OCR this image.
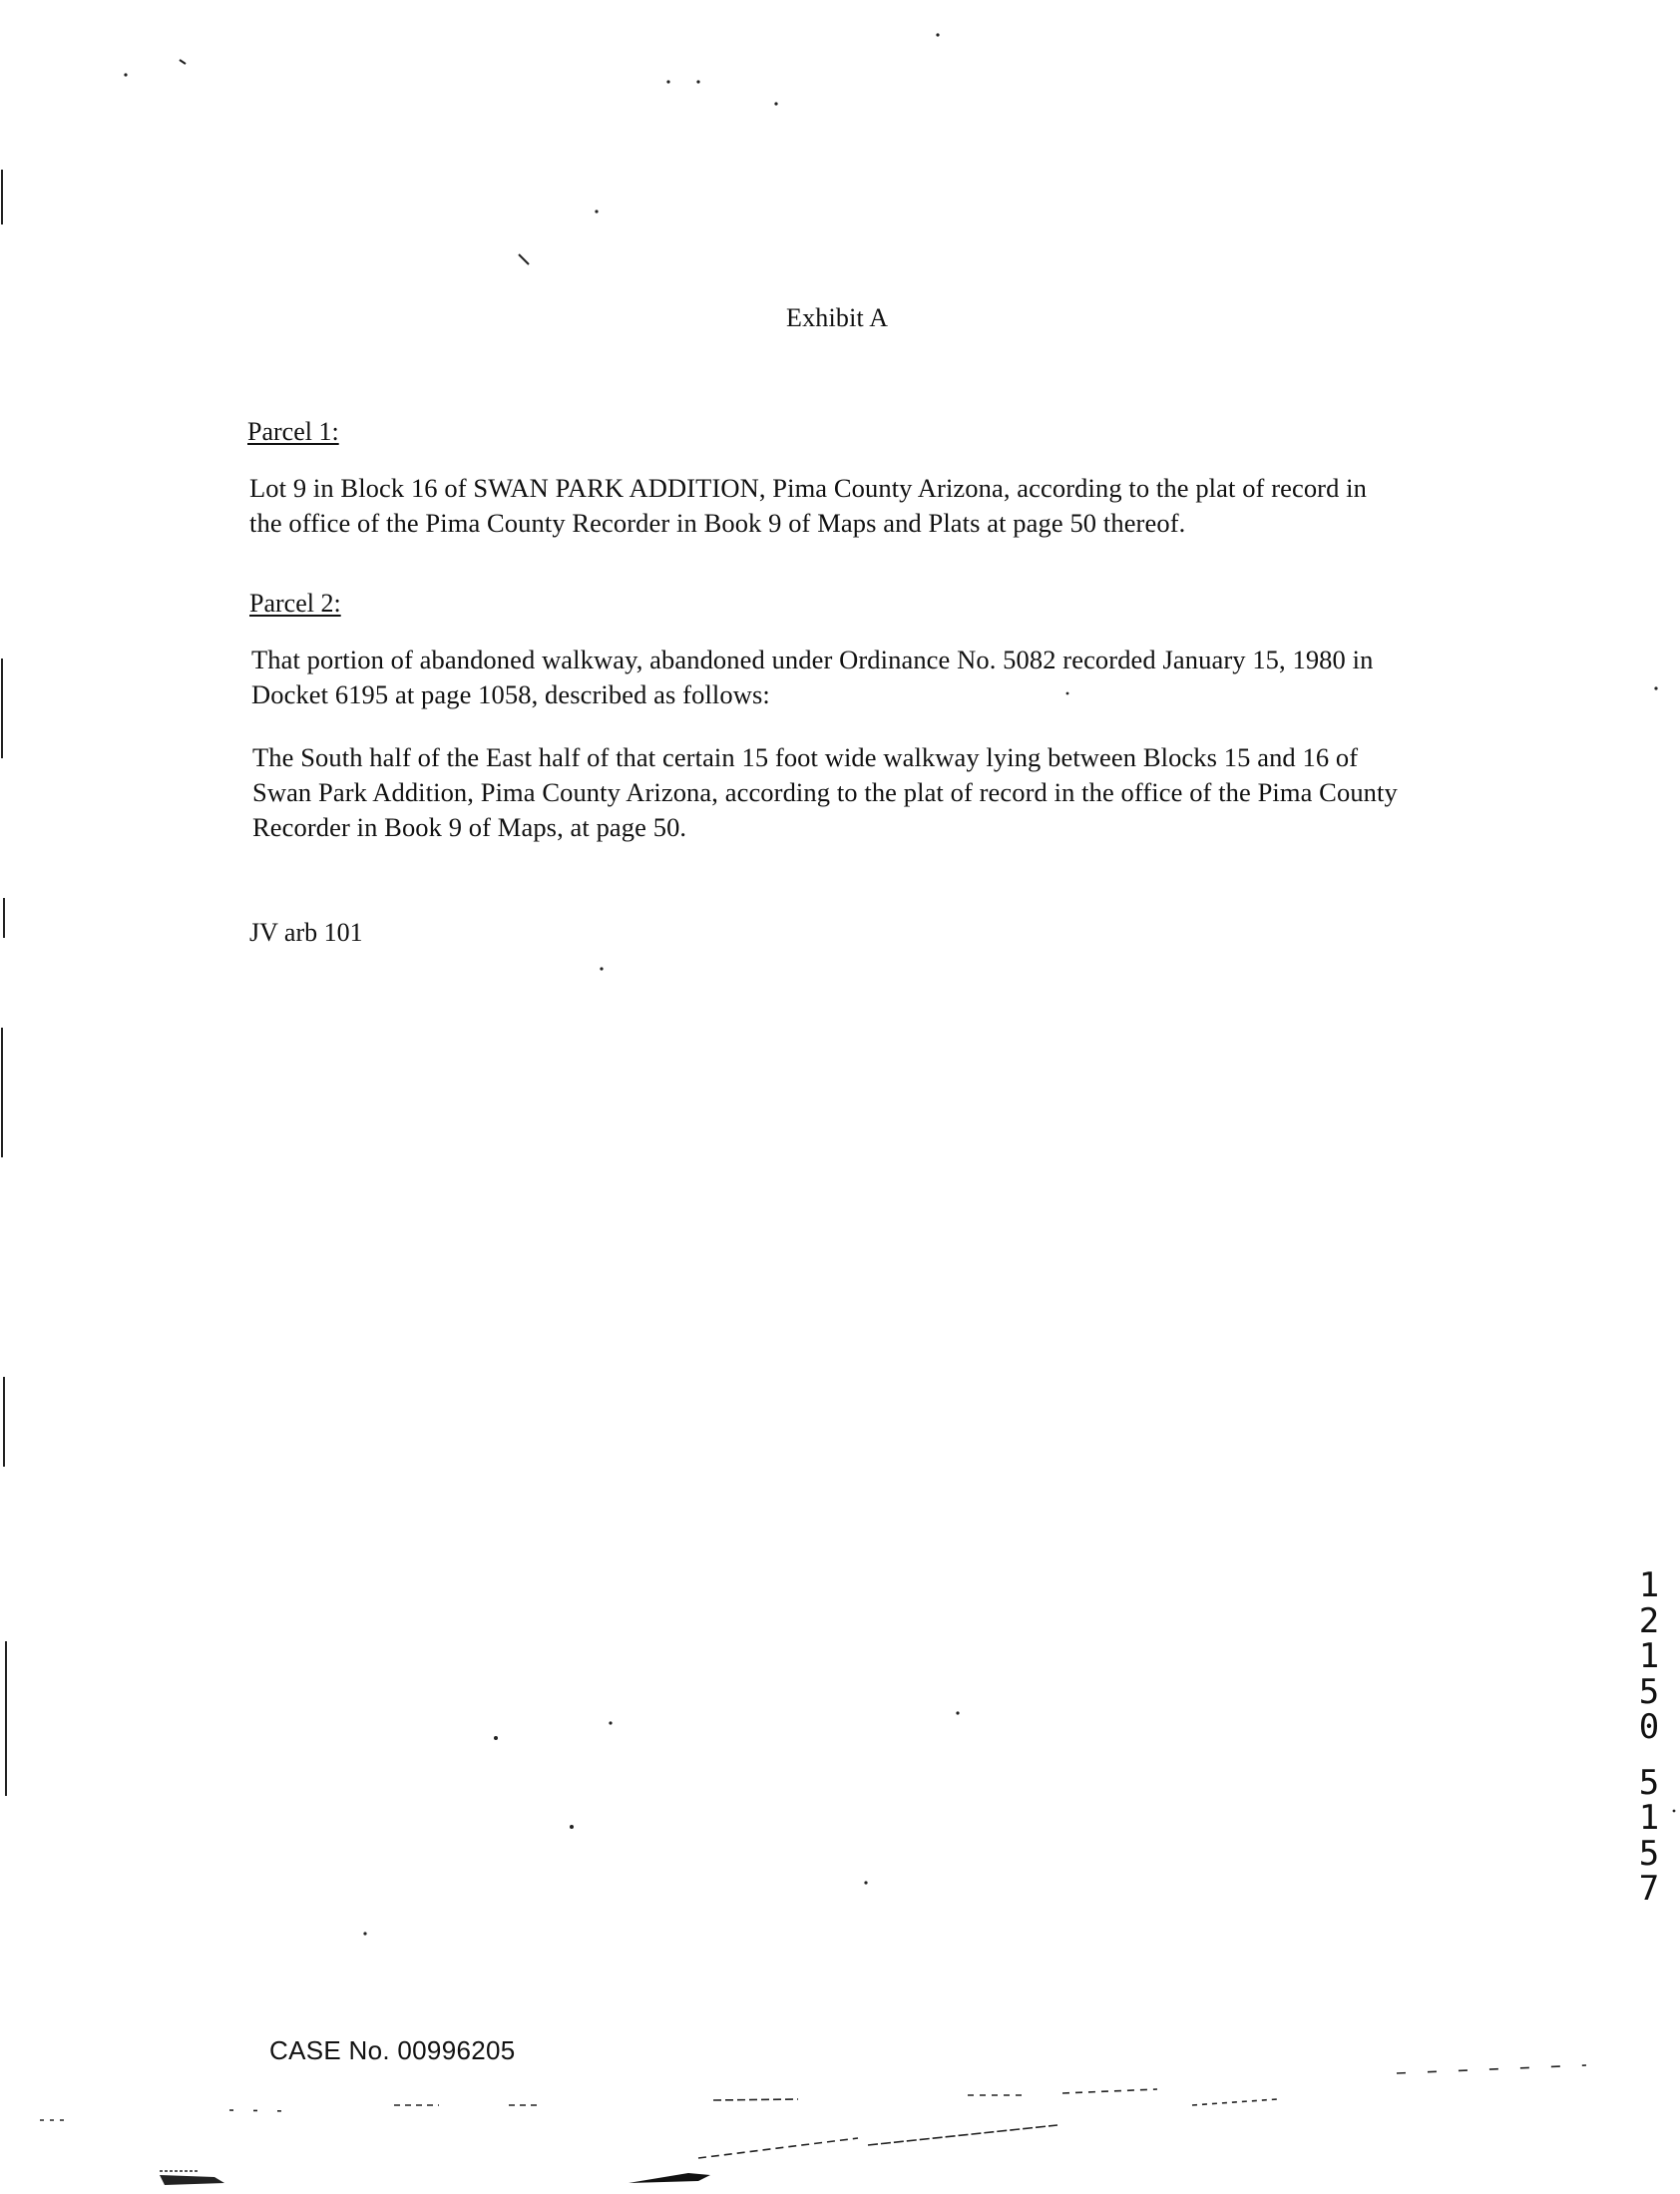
Exhibit A
Parcel 1:
Lot 9 in Block 16 of SWAN PARK ADDITION, Pima County Arizona, according to the plat of record in
the office of the Pima County Recorder in Book 9 of Maps and Plats at page 50 thereof.
Parcel 2:
That portion of abandoned walkway, abandoned under Ordinance No. 5082 recorded January 15, 1980 in
Docket 6195 at page 1058, described as follows:
The South half of the East half of that certain 15 foot wide walkway lying between Blocks 15 and 16 of
Swan Park Addition, Pima County Arizona, according to the plat of record in the office of the Pima County
Recorder in Book 9 of Maps, at page 50.
JV arb 101
1
2
1
5
0
5
1
5
7
CASE No. 00996205
